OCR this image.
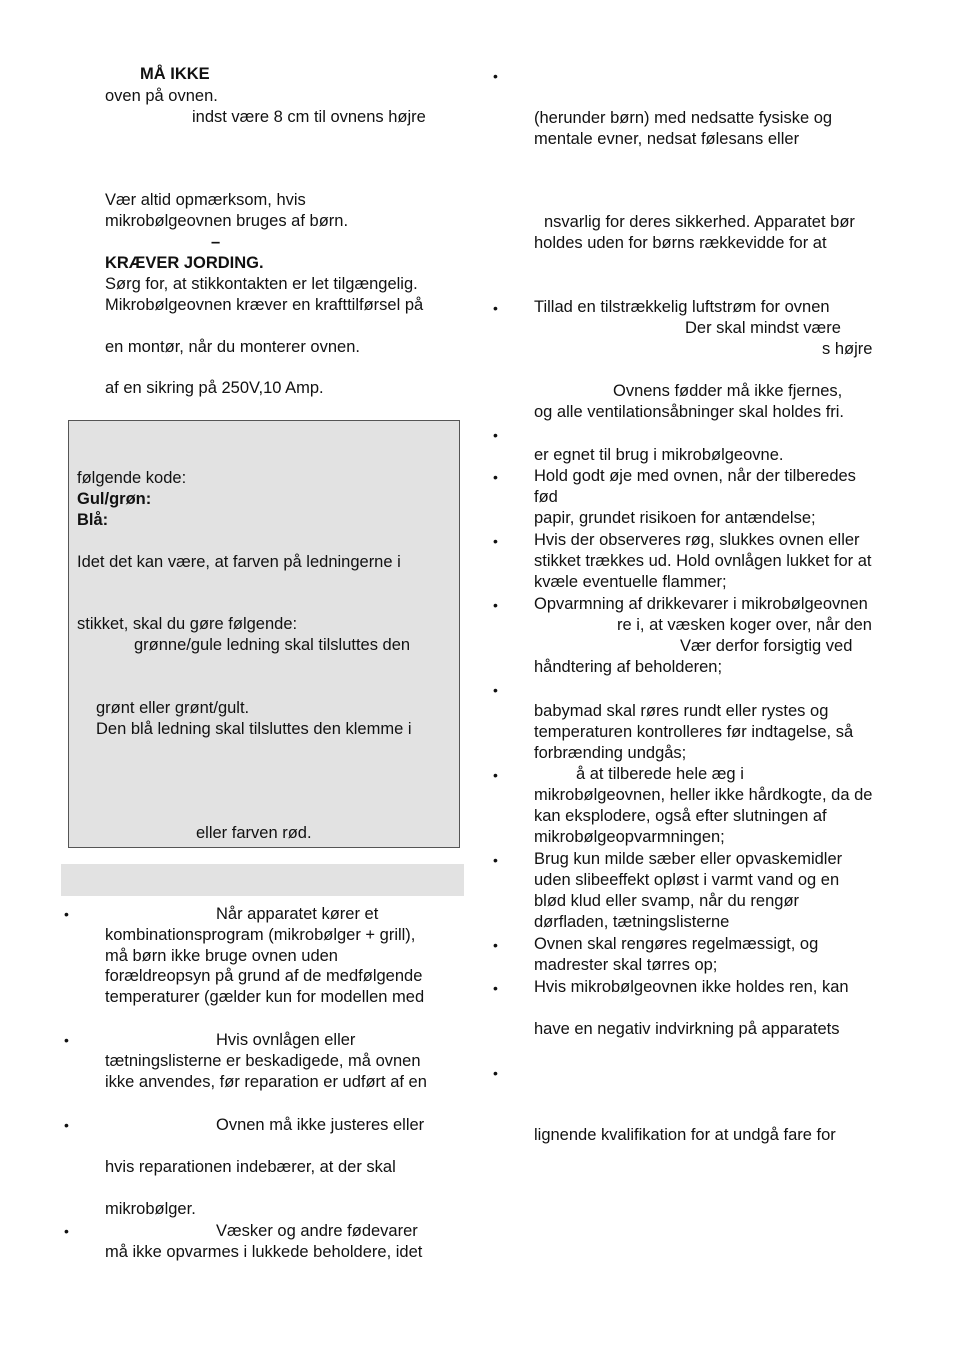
MÅ IKKE
oven på ovnen.
indst være 8 cm til ovnens højre
Vær altid opmærksom, hvis
mikrobølgeovnen bruges af børn.
–
KRÆVER JORDING.
Sørg for, at stikkontakten er let tilgængelig.
Mikrobølgeovnen kræver en krafttilførsel på
en montør, når du monterer ovnen.
af en sikring på 250V,10 Amp.
følgende kode:
Gul/grøn:
Blå:
Idet det kan være, at farven på ledningerne i
stikket, skal du gøre følgende:
grønne/gule ledning skal tilsluttes den
grønt eller grønt/gult.
Den blå ledning skal tilsluttes den klemme i
eller farven rød.
•	Når apparatet kører et
kombinationsprogram (mikrobølger + grill),
må børn ikke bruge ovnen uden
forældreopsyn på grund af de medfølgende
temperaturer (gælder kun for modellen med
•	Hvis ovnlågen eller
tætningslisterne er beskadigede, må ovnen
ikke anvendes, før reparation er udført af en
•	Ovnen må ikke justeres eller
hvis reparationen indebærer, at der skal
mikrobølger.
•	Væsker og andre fødevarer
må ikke opvarmes i lukkede beholdere, idet
•
(herunder børn) med nedsatte fysiske og
mentale evner, nedsat følesans eller
nsvarlig for deres sikkerhed. Apparatet bør
holdes uden for børns rækkevidde for at
• Tillad en tilstrækkelig luftstrøm for ovnen
Der skal mindst være
s højre
Ovnens fødder må ikke fjernes,
og alle ventilationsåbninger skal holdes fri.
•
er egnet til brug i mikrobølgeovne.
• Hold godt øje med ovnen, når der tilberedes
fød
papir, grundet risikoen for antændelse;
• Hvis der observeres røg, slukkes ovnen eller
stikket trækkes ud. Hold ovnlågen lukket for at
kvæle eventuelle flammer;
• Opvarmning af drikkevarer i mikrobølgeovnen
re i, at væsken koger over, når den
Vær derfor forsigtig ved
håndtering af beholderen;
•
babymad skal røres rundt eller rystes og
temperaturen kontrolleres før indtagelse, så
forbrænding undgås;
•	å at tilberede hele æg i
mikrobølgeovnen, heller ikke hårdkogte, da de
kan eksplodere, også efter slutningen af
mikrobølgeopvarmningen;
• Brug kun milde sæber eller opvaskemidler
uden slibeeffekt opløst i varmt vand og en
blød klud eller svamp, når du rengør
dørfladen, tætningslisterne
• Ovnen skal rengøres regelmæssigt, og
madrester skal tørres op;
• Hvis mikrobølgeovnen ikke holdes ren, kan
have en negativ indvirkning på apparatets
•
lignende kvalifikation for at undgå fare for
